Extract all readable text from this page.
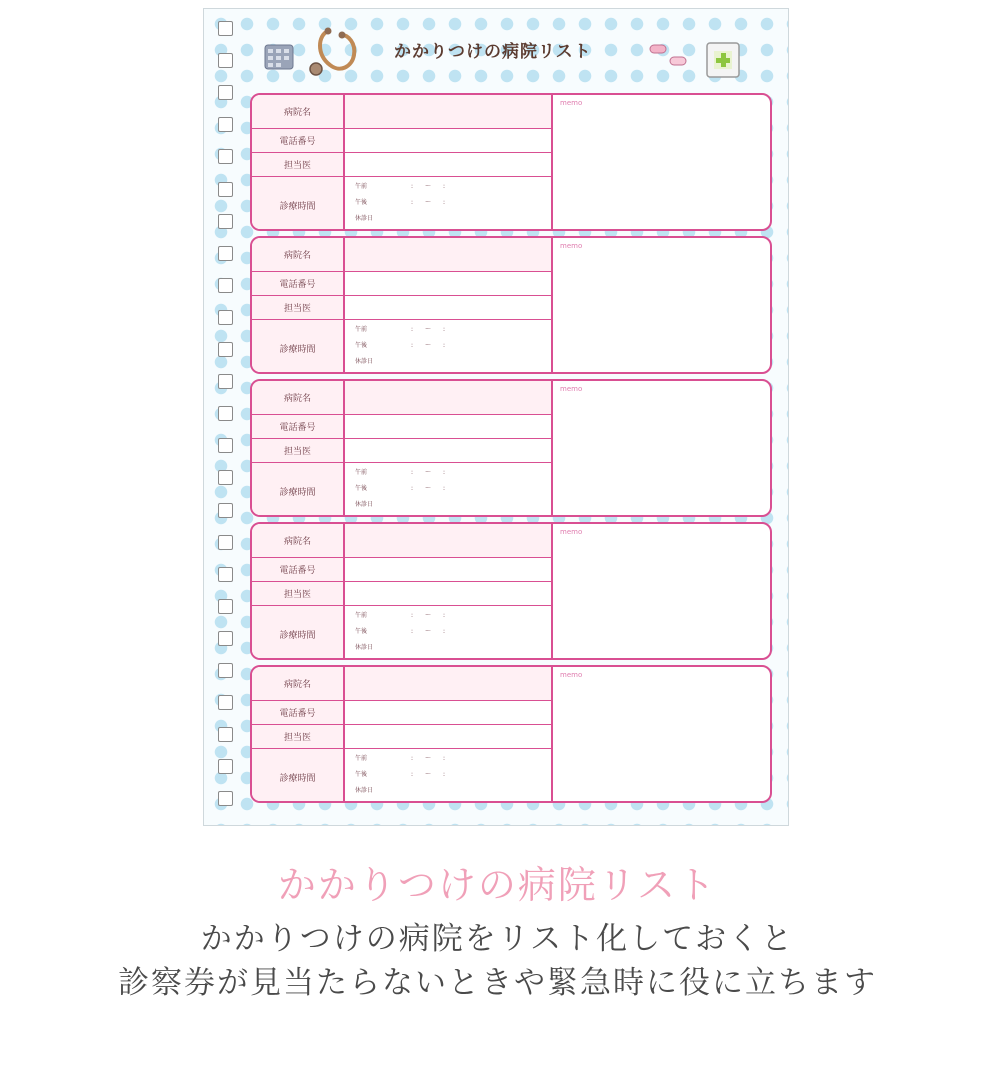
かかりつけの病院リスト
病院名
電話番号
担当医
診療時間
午前	:　　〜　　:
午後	:　　〜　　:
休診日
memo
病院名
電話番号
担当医
診療時間
午前	:　　〜　　:
午後	:　　〜　　:
休診日
memo
病院名
電話番号
担当医
診療時間
午前	:　　〜　　:
午後	:　　〜　　:
休診日
memo
病院名
電話番号
担当医
診療時間
午前	:　　〜　　:
午後	:　　〜　　:
休診日
memo
病院名
電話番号
担当医
診療時間
午前	:　　〜　　:
午後	:　　〜　　:
休診日
memo
かかりつけの病院リスト
かかりつけの病院をリスト化しておくと
診察券が見当たらないときや緊急時に役に立ちます
